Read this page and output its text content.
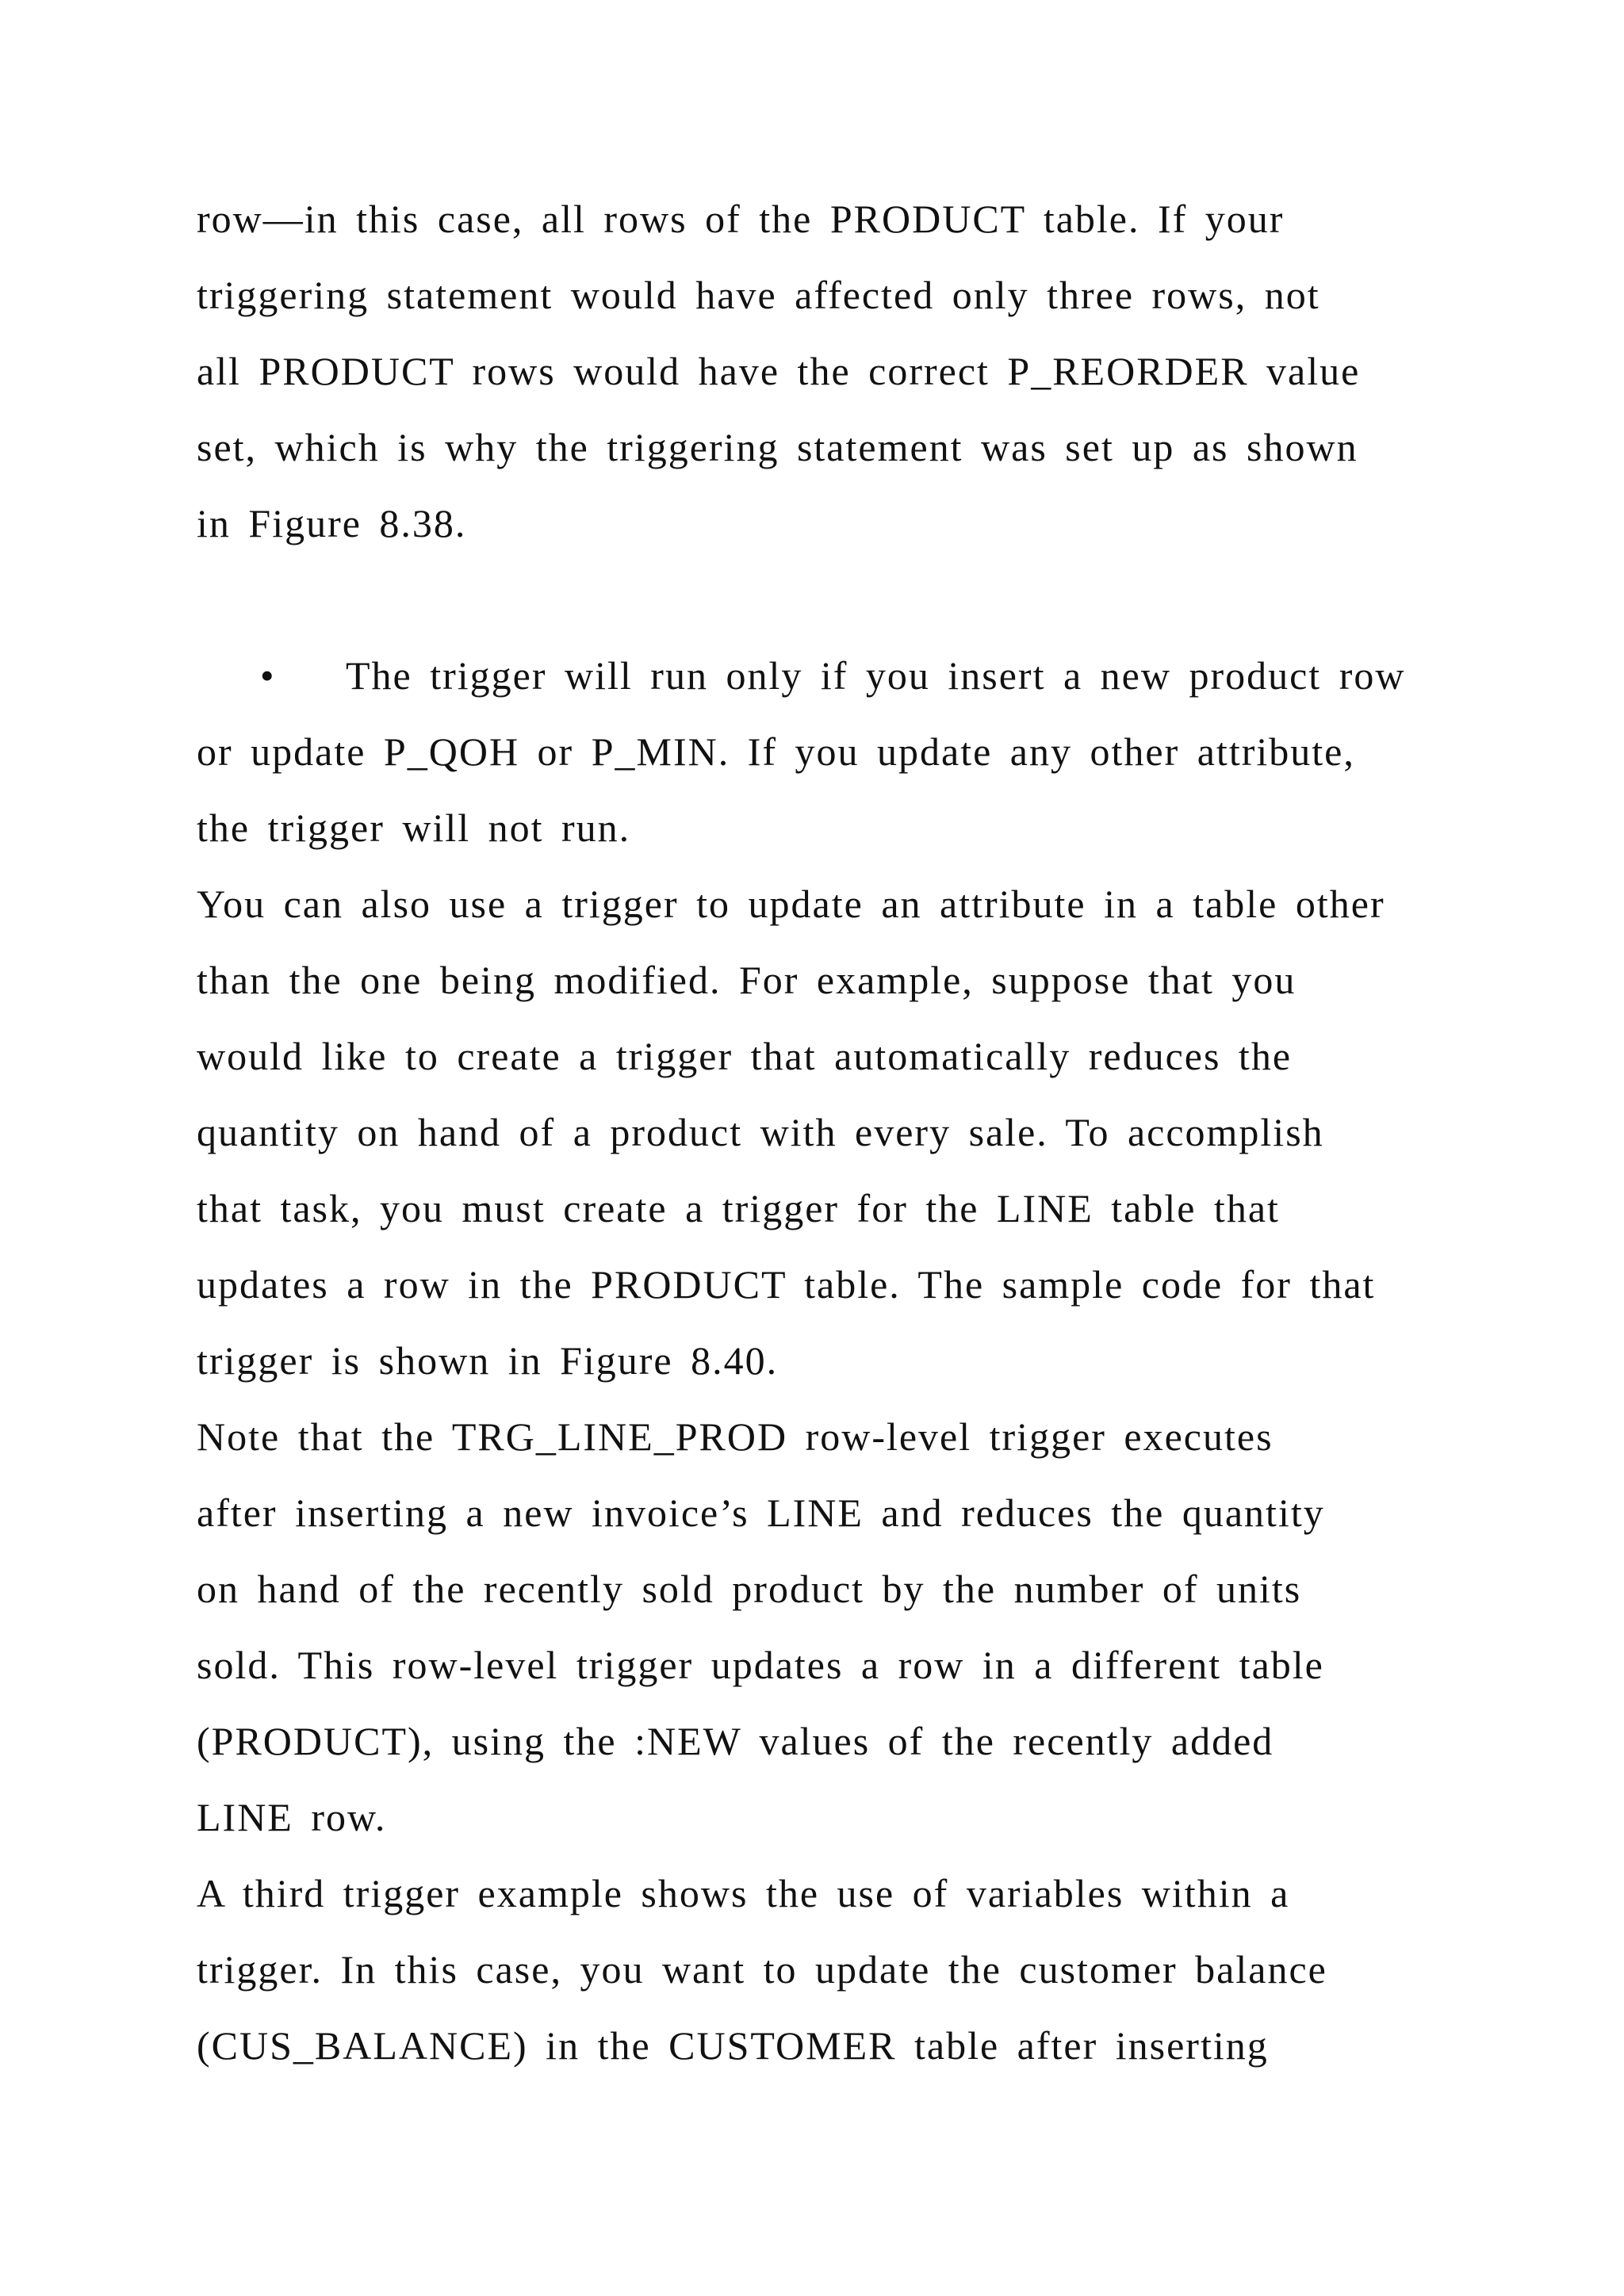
row—in this case, all rows of the PRODUCT table. If your
triggering statement would have affected only three rows, not
all PRODUCT rows would have the correct P_REORDER value
set, which is why the triggering statement was set up as shown
in Figure 8.38.
• The trigger will run only if you insert a new product row
or update P_QOH or P_MIN. If you update any other attribute,
the trigger will not run.
You can also use a trigger to update an attribute in a table other
than the one being modified. For example, suppose that you
would like to create a trigger that automatically reduces the
quantity on hand of a product with every sale. To accomplish
that task, you must create a trigger for the LINE table that
updates a row in the PRODUCT table. The sample code for that
trigger is shown in Figure 8.40.
Note that the TRG_LINE_PROD row-level trigger executes
after inserting a new invoice’s LINE and reduces the quantity
on hand of the recently sold product by the number of units
sold. This row-level trigger updates a row in a different table
(PRODUCT), using the :NEW values of the recently added
LINE row.
A third trigger example shows the use of variables within a
trigger. In this case, you want to update the customer balance
(CUS_BALANCE) in the CUSTOMER table after inserting
